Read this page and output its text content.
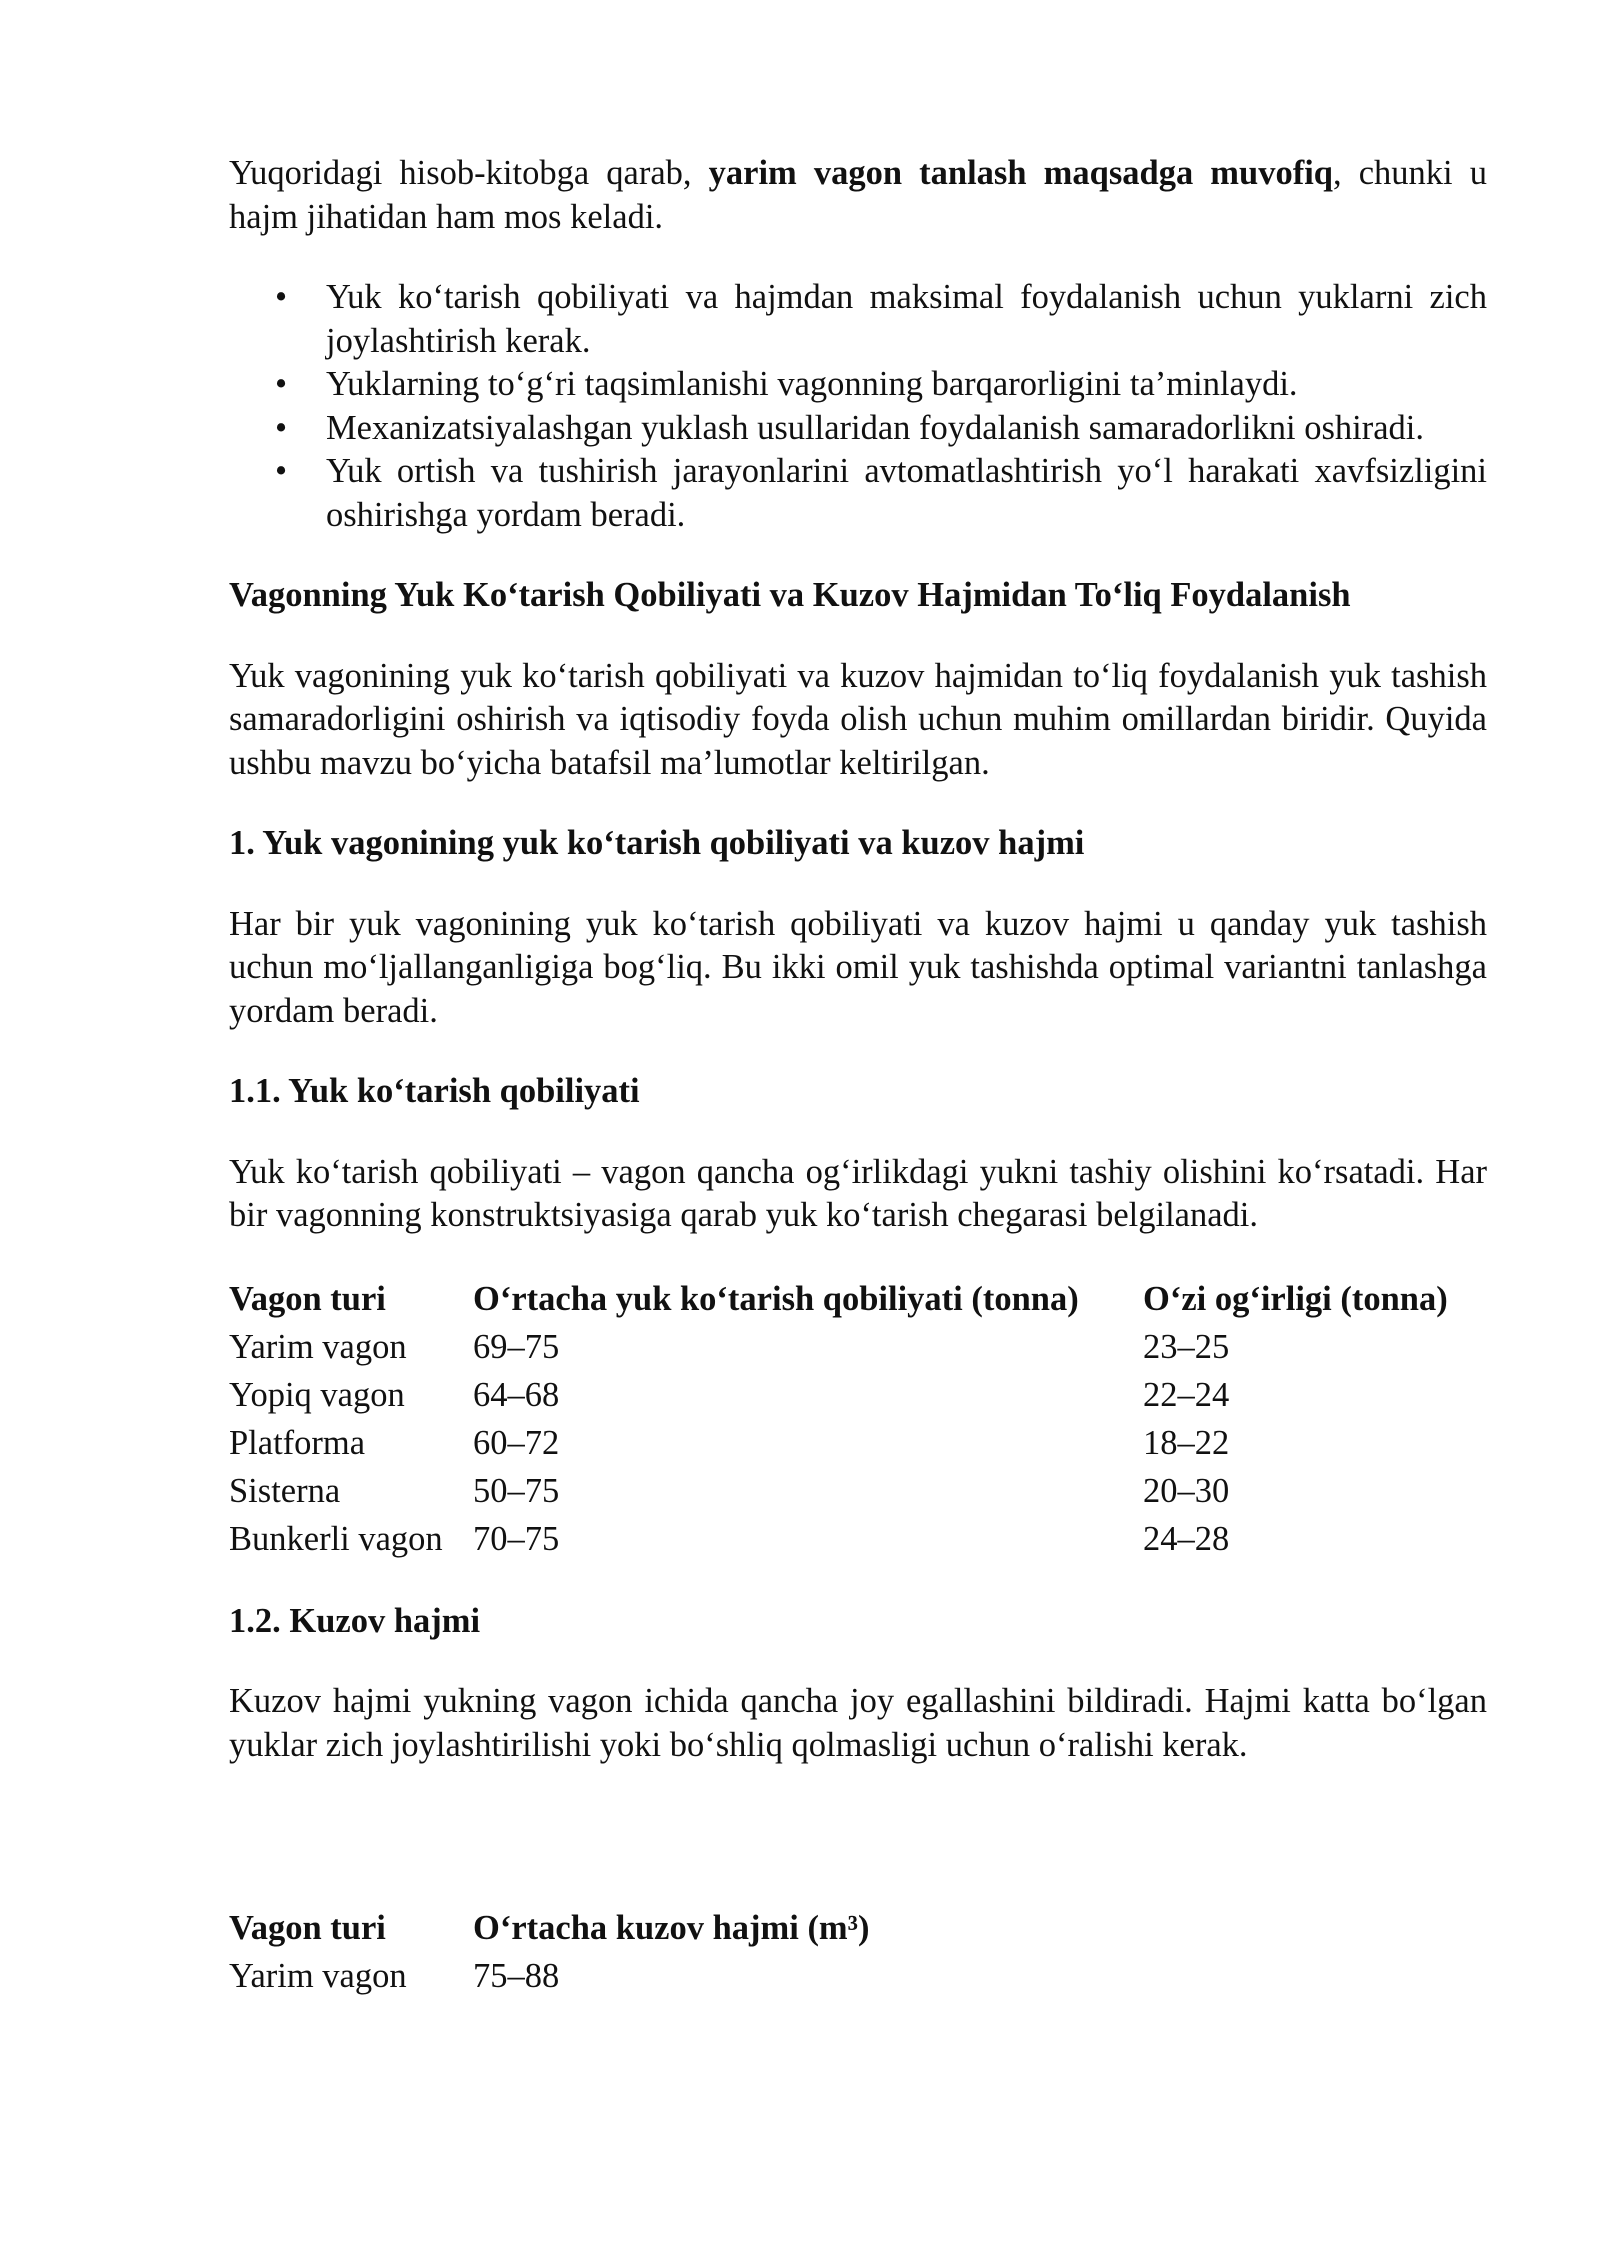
Yuqoridagi hisob-kitobga qarab, yarim vagon tanlash maqsadga muvofiq, chunki u hajm jihatidan ham mos keladi.

• Yuk ko‘tarish qobiliyati va hajmdan maksimal foydalanish uchun yuklarni zich joylashtirish kerak.
• Yuklarning to‘g‘ri taqsimlanishi vagonning barqarorligini ta’minlaydi.
• Mexanizatsiyalashgan yuklash usullaridan foydalanish samaradorlikni oshiradi.
• Yuk ortish va tushirish jarayonlarini avtomatlashtirish yo‘l harakati xavfsizligini oshirishga yordam beradi.

Vagonning Yuk Ko‘tarish Qobiliyati va Kuzov Hajmidan To‘liq Foydalanish

Yuk vagonining yuk ko‘tarish qobiliyati va kuzov hajmidan to‘liq foydalanish yuk tashish samaradorligini oshirish va iqtisodiy foyda olish uchun muhim omillardan biridir. Quyida ushbu mavzu bo‘yicha batafsil ma’lumotlar keltirilgan.

1. Yuk vagonining yuk ko‘tarish qobiliyati va kuzov hajmi

Har bir yuk vagonining yuk ko‘tarish qobiliyati va kuzov hajmi u qanday yuk tashish uchun mo‘ljallanganligiga bog‘liq. Bu ikki omil yuk tashishda optimal variantni tanlashga yordam beradi.

1.1. Yuk ko‘tarish qobiliyati

Yuk ko‘tarish qobiliyati – vagon qancha og‘irlikdagi yukni tashiy olishini ko‘rsatadi. Har bir vagonning konstruktsiyasiga qarab yuk ko‘tarish chegarasi belgilanadi.

Vagon turi	O‘rtacha yuk ko‘tarish qobiliyati (tonna)	O‘zi og‘irligi (tonna)
Yarim vagon	69–75	23–25
Yopiq vagon	64–68	22–24
Platforma	60–72	18–22
Sisterna	50–75	20–30
Bunkerli vagon	70–75	24–28

1.2. Kuzov hajmi

Kuzov hajmi yukning vagon ichida qancha joy egallashini bildiradi. Hajmi katta bo‘lgan yuklar zich joylashtirilishi yoki bo‘shliq qolmasligi uchun o‘ralishi kerak.

Vagon turi	O‘rtacha kuzov hajmi (m³)
Yarim vagon	75–88
